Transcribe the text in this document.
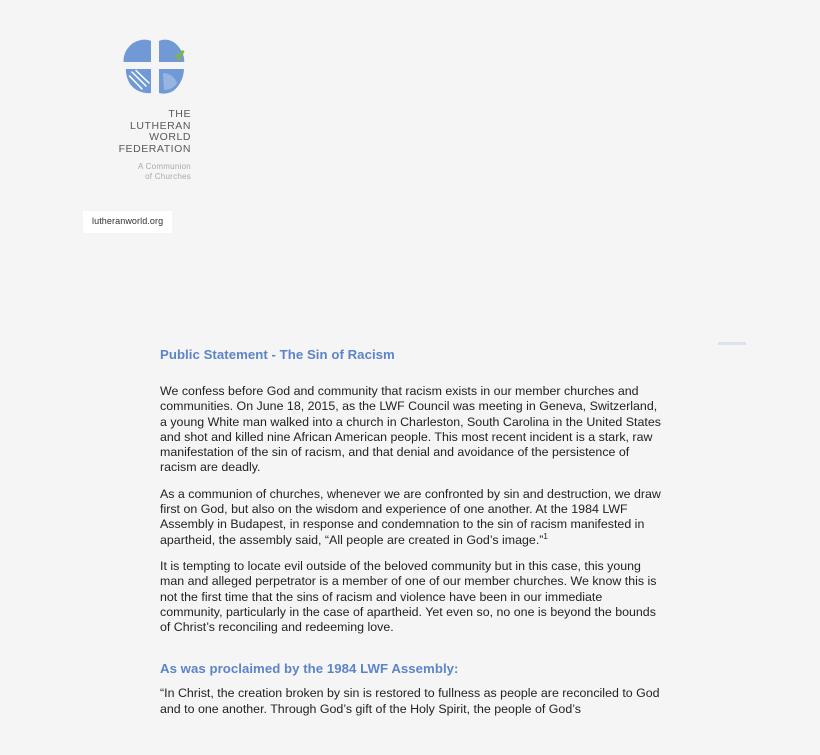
THE
LUTHERAN
WORLD
FEDERATION
A Communion
of Churches
lutheranworld.org
Public Statement - The Sin of Racism

We confess before God and community that racism exists in our member churches and communities. On June 18, 2015, as the LWF Council was meeting in Geneva, Switzerland, a young White man walked into a church in Charleston, South Carolina in the United States and shot and killed nine African American people. This most recent incident is a stark, raw manifestation of the sin of racism, and that denial and avoidance of the persistence of racism are deadly.

As a communion of churches, whenever we are confronted by sin and destruction, we draw first on God, but also on the wisdom and experience of one another. At the 1984 LWF Assembly in Budapest, in response and condemnation to the sin of racism manifested in apartheid, the assembly said, “All people are created in God’s image.”$^1$

It is tempting to locate evil outside of the beloved community but in this case, this young man and alleged perpetrator is a member of one of our member churches. We know this is not the first time that the sins of racism and violence have been in our immediate community, particularly in the case of apartheid. Yet even so, no one is beyond the bounds of Christ’s reconciling and redeeming love.

As was proclaimed by the 1984 LWF Assembly:

“In Christ, the creation broken by sin is restored to fullness as people are reconciled to God and to one another. Through God’s gift of the Holy Spirit, the people of God’s
